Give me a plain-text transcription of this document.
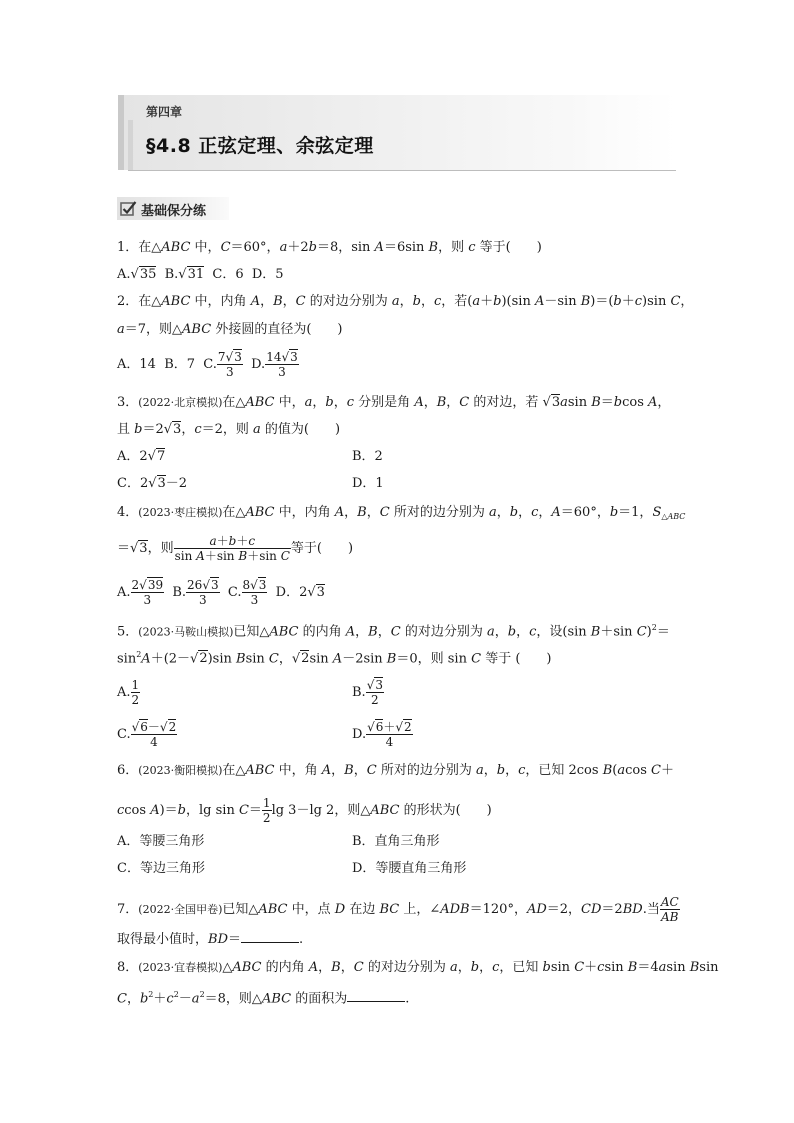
第四章
§4.8 正弦定理、余弦定理
基础保分练
1．在△ABC 中，C＝60°，a＋2b＝8，sin A＝6sin B，则 c 等于(　　)
A.√35  B.√31  C．6  D．5
2．在△ABC 中，内角 A，B，C 的对边分别为 a，b，c，若(a＋b)(sin A－sin B)＝(b＋c)sin C，
a＝7，则△ABC 外接圆的直径为(　　)
A．14  B．7  C. $\frac{7√3}{3} D$. $\frac{14√3}{3}$
3．(2022·北京模拟)在△ABC 中，a，b，c 分别是角 A，B，C 的对边，若 √3asin B＝bcos A，
且 b＝2√3，c＝2，则 a 的值为(　　)
A．2√7	B．2
C．2√3－2	D．1
4．(2023·枣庄模拟)在△ABC 中，内角 A，B，C 所对的边分别为 a，b，c，A＝60°，b＝1，$S_{\triangle ABC}$
＝√3，则 $\frac{a+b+c}{\text{sin A＋sin B＋sin C}}$ 等于(　　)
A. $\frac{2√39}{3} B$. $\frac{26√3}{3} C$. $\frac{8√3}{3}$ D．2√3
5．(2023·马鞍山模拟)已知△ABC 的内角 A，B，C 的对边分别为 a，b，c，设(sin B＋sin C)$^2$＝
$\sin^2A+(2-√2)\sin$ Bsin C，√2sin A－2sin B＝0，则 sin C 等于 (　　)
A. $\frac{1}{2}$	B. $\frac{√3}{2}$
C. $\frac{√6-√2}{4}$	D. $\frac{√6+√2}{4}$
6．(2023·衡阳模拟)在△ABC 中，角 A，B，C 所对的边分别为 a，b，c，已知 2cos B(acos C＋
ccos A)＝b，$\lg \sin C= \frac{1}{2}$ lg 3－lg 2，则△ABC 的形状为(　　)
A．等腰三角形	B．直角三角形
C．等边三角形	D．等腰直角三角形
7．(2022·全国甲卷)已知△ABC 中，点 D 在边 BC 上，∠ADB＝120°，AD＝2，CD＝2BD.当 $\frac{AC}{AB}$
取得最小值时，BD＝	.
8．(2023·宜春模拟)△ABC 的内角 A，B，C 的对边分别为 a，b，c，已知 bsin C＋csin B＝4asin Bsin
C，$b^2+c^2-a^2=8$，则△ABC 的面积为	.
